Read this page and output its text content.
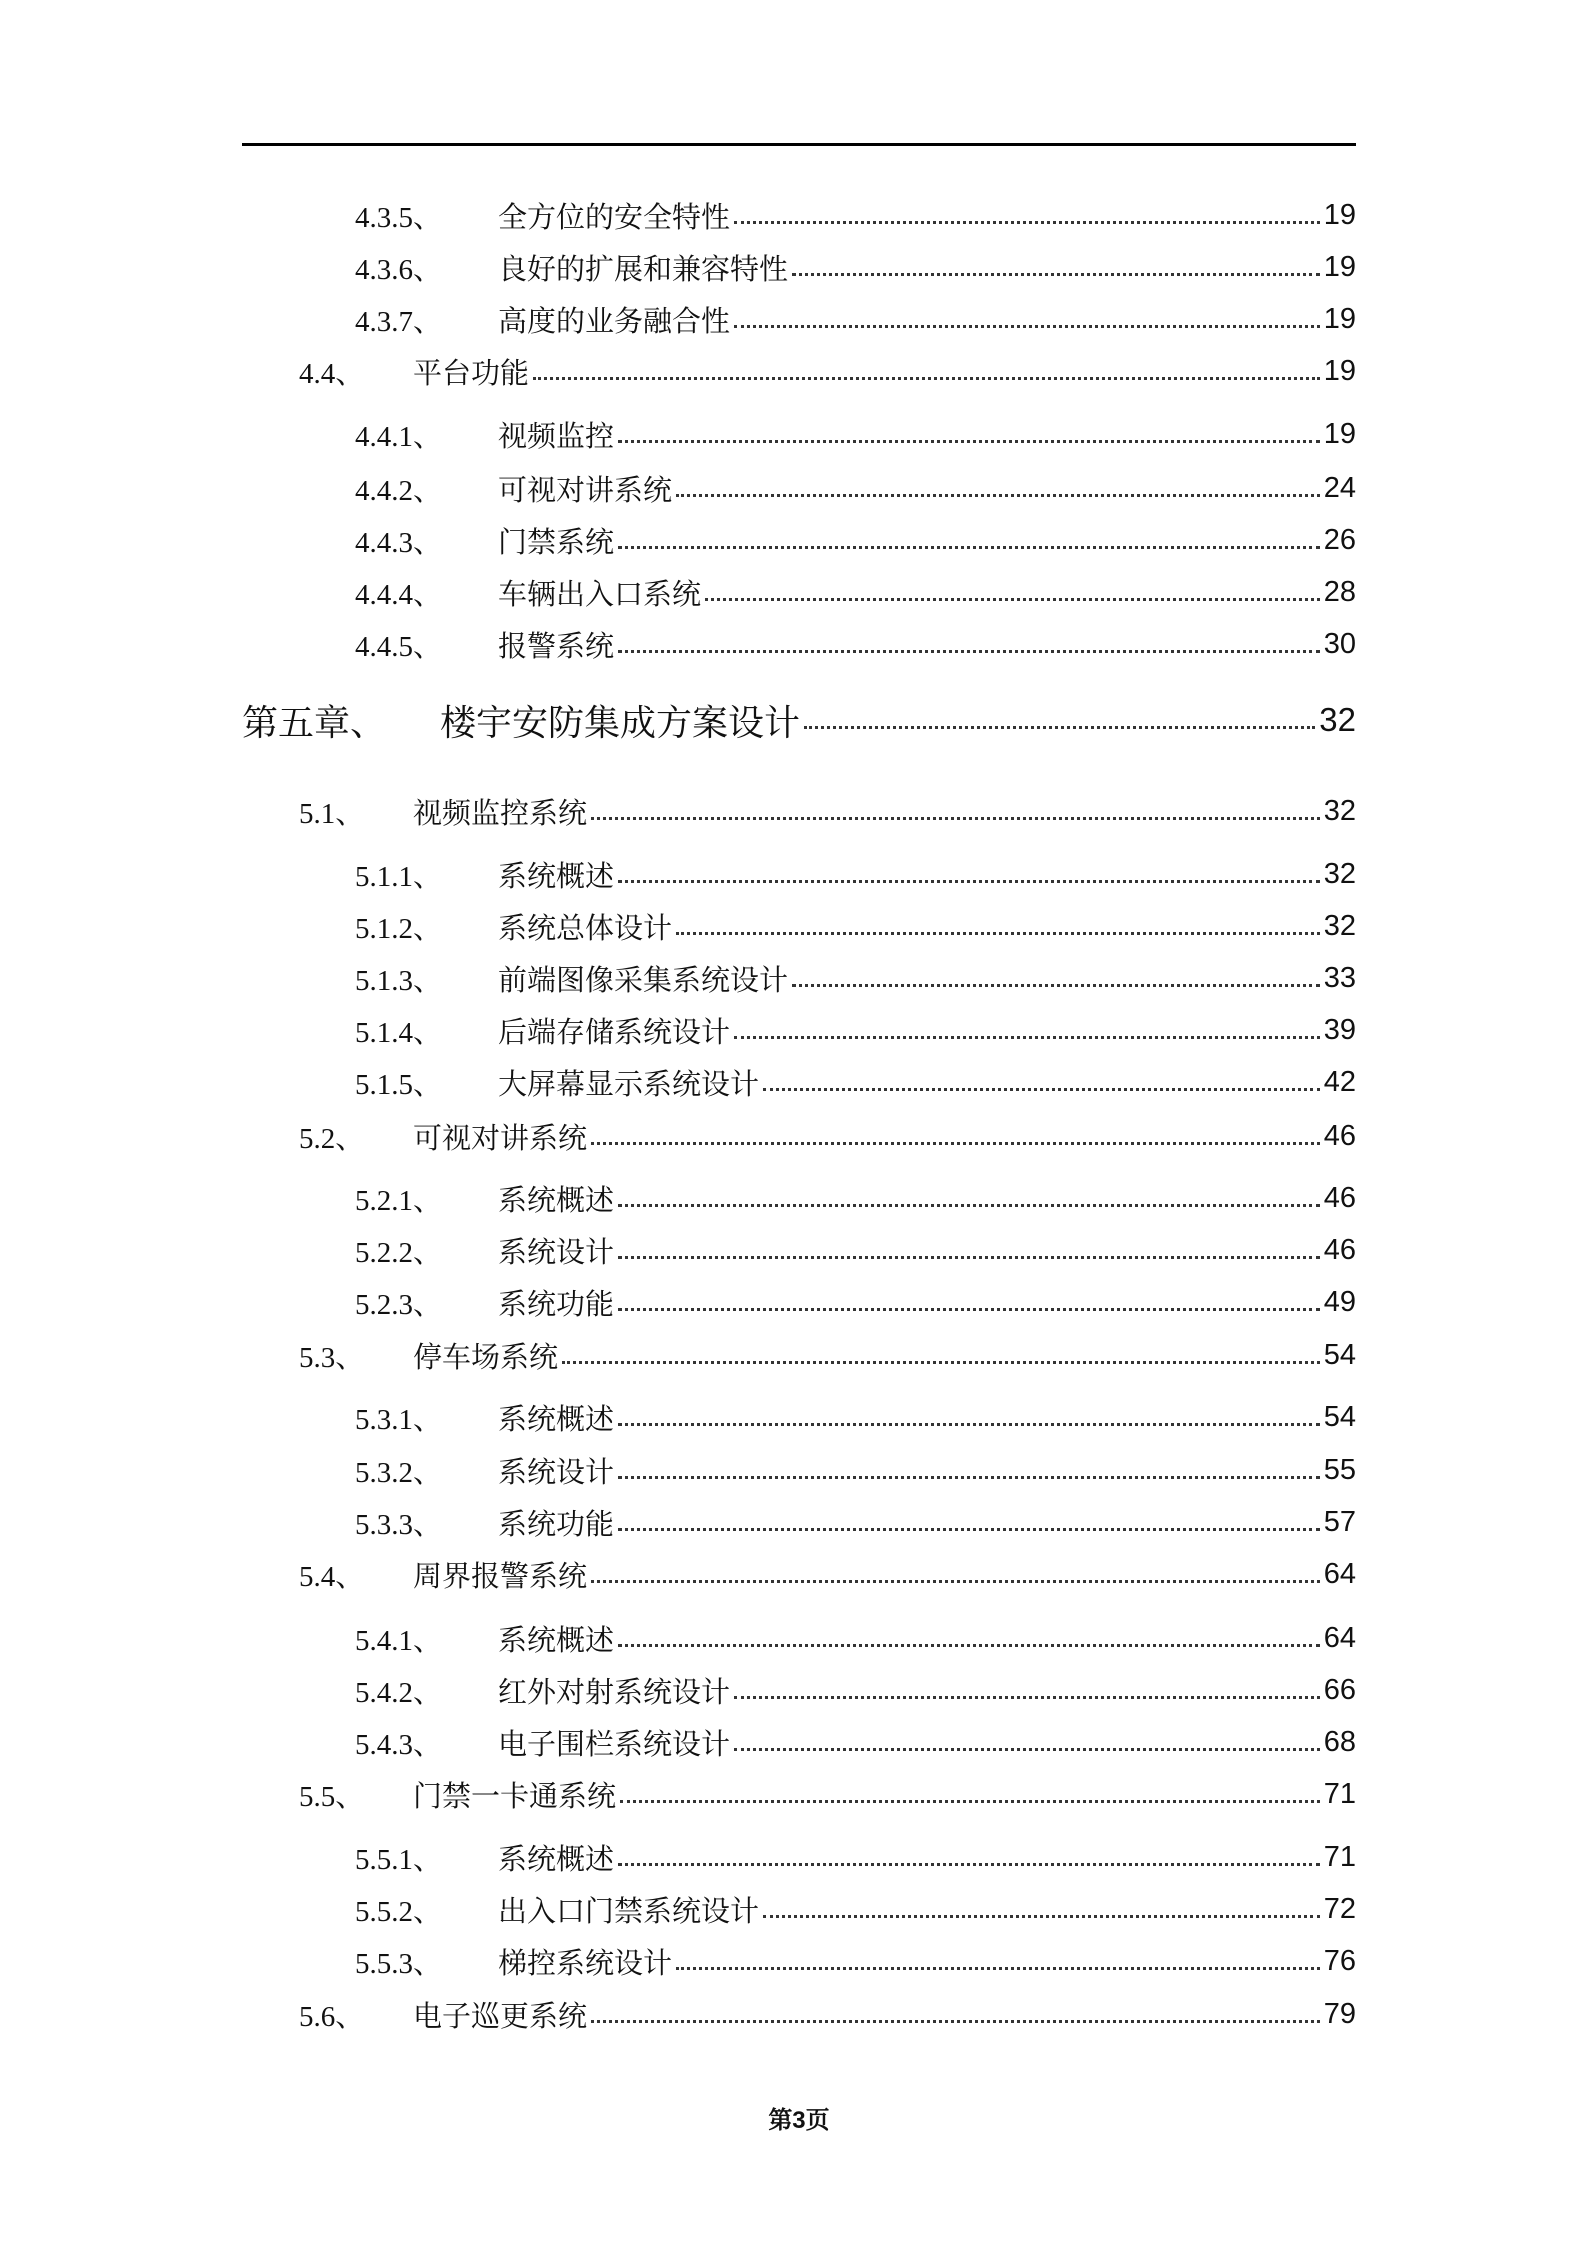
4.3.5、 全方位的安全特性	19
4.3.6、 良好的扩展和兼容特性	19
4.3.7、 高度的业务融合性	19
4.4、 平台功能	19
4.4.1、 视频监控	19
4.4.2、 可视对讲系统	24
4.4.3、 门禁系统	26
4.4.4、 车辆出入口系统	28
4.4.5、 报警系统	30
第五章、 楼宇安防集成方案设计	32
5.1、 视频监控系统	32
5.1.1、 系统概述	32
5.1.2、 系统总体设计	32
5.1.3、 前端图像采集系统设计	33
5.1.4、 后端存储系统设计	39
5.1.5、 大屏幕显示系统设计	42
5.2、 可视对讲系统	46
5.2.1、 系统概述	46
5.2.2、 系统设计	46
5.2.3、 系统功能	49
5.3、 停车场系统	54
5.3.1、 系统概述	54
5.3.2、 系统设计	55
5.3.3、 系统功能	57
5.4、 周界报警系统	64
5.4.1、 系统概述	64
5.4.2、 红外对射系统设计	66
5.4.3、 电子围栏系统设计	68
5.5、 门禁一卡通系统	71
5.5.1、 系统概述	71
5.5.2、 出入口门禁系统设计	72
5.5.3、 梯控系统设计	76
5.6、 电子巡更系统	79
第3页
